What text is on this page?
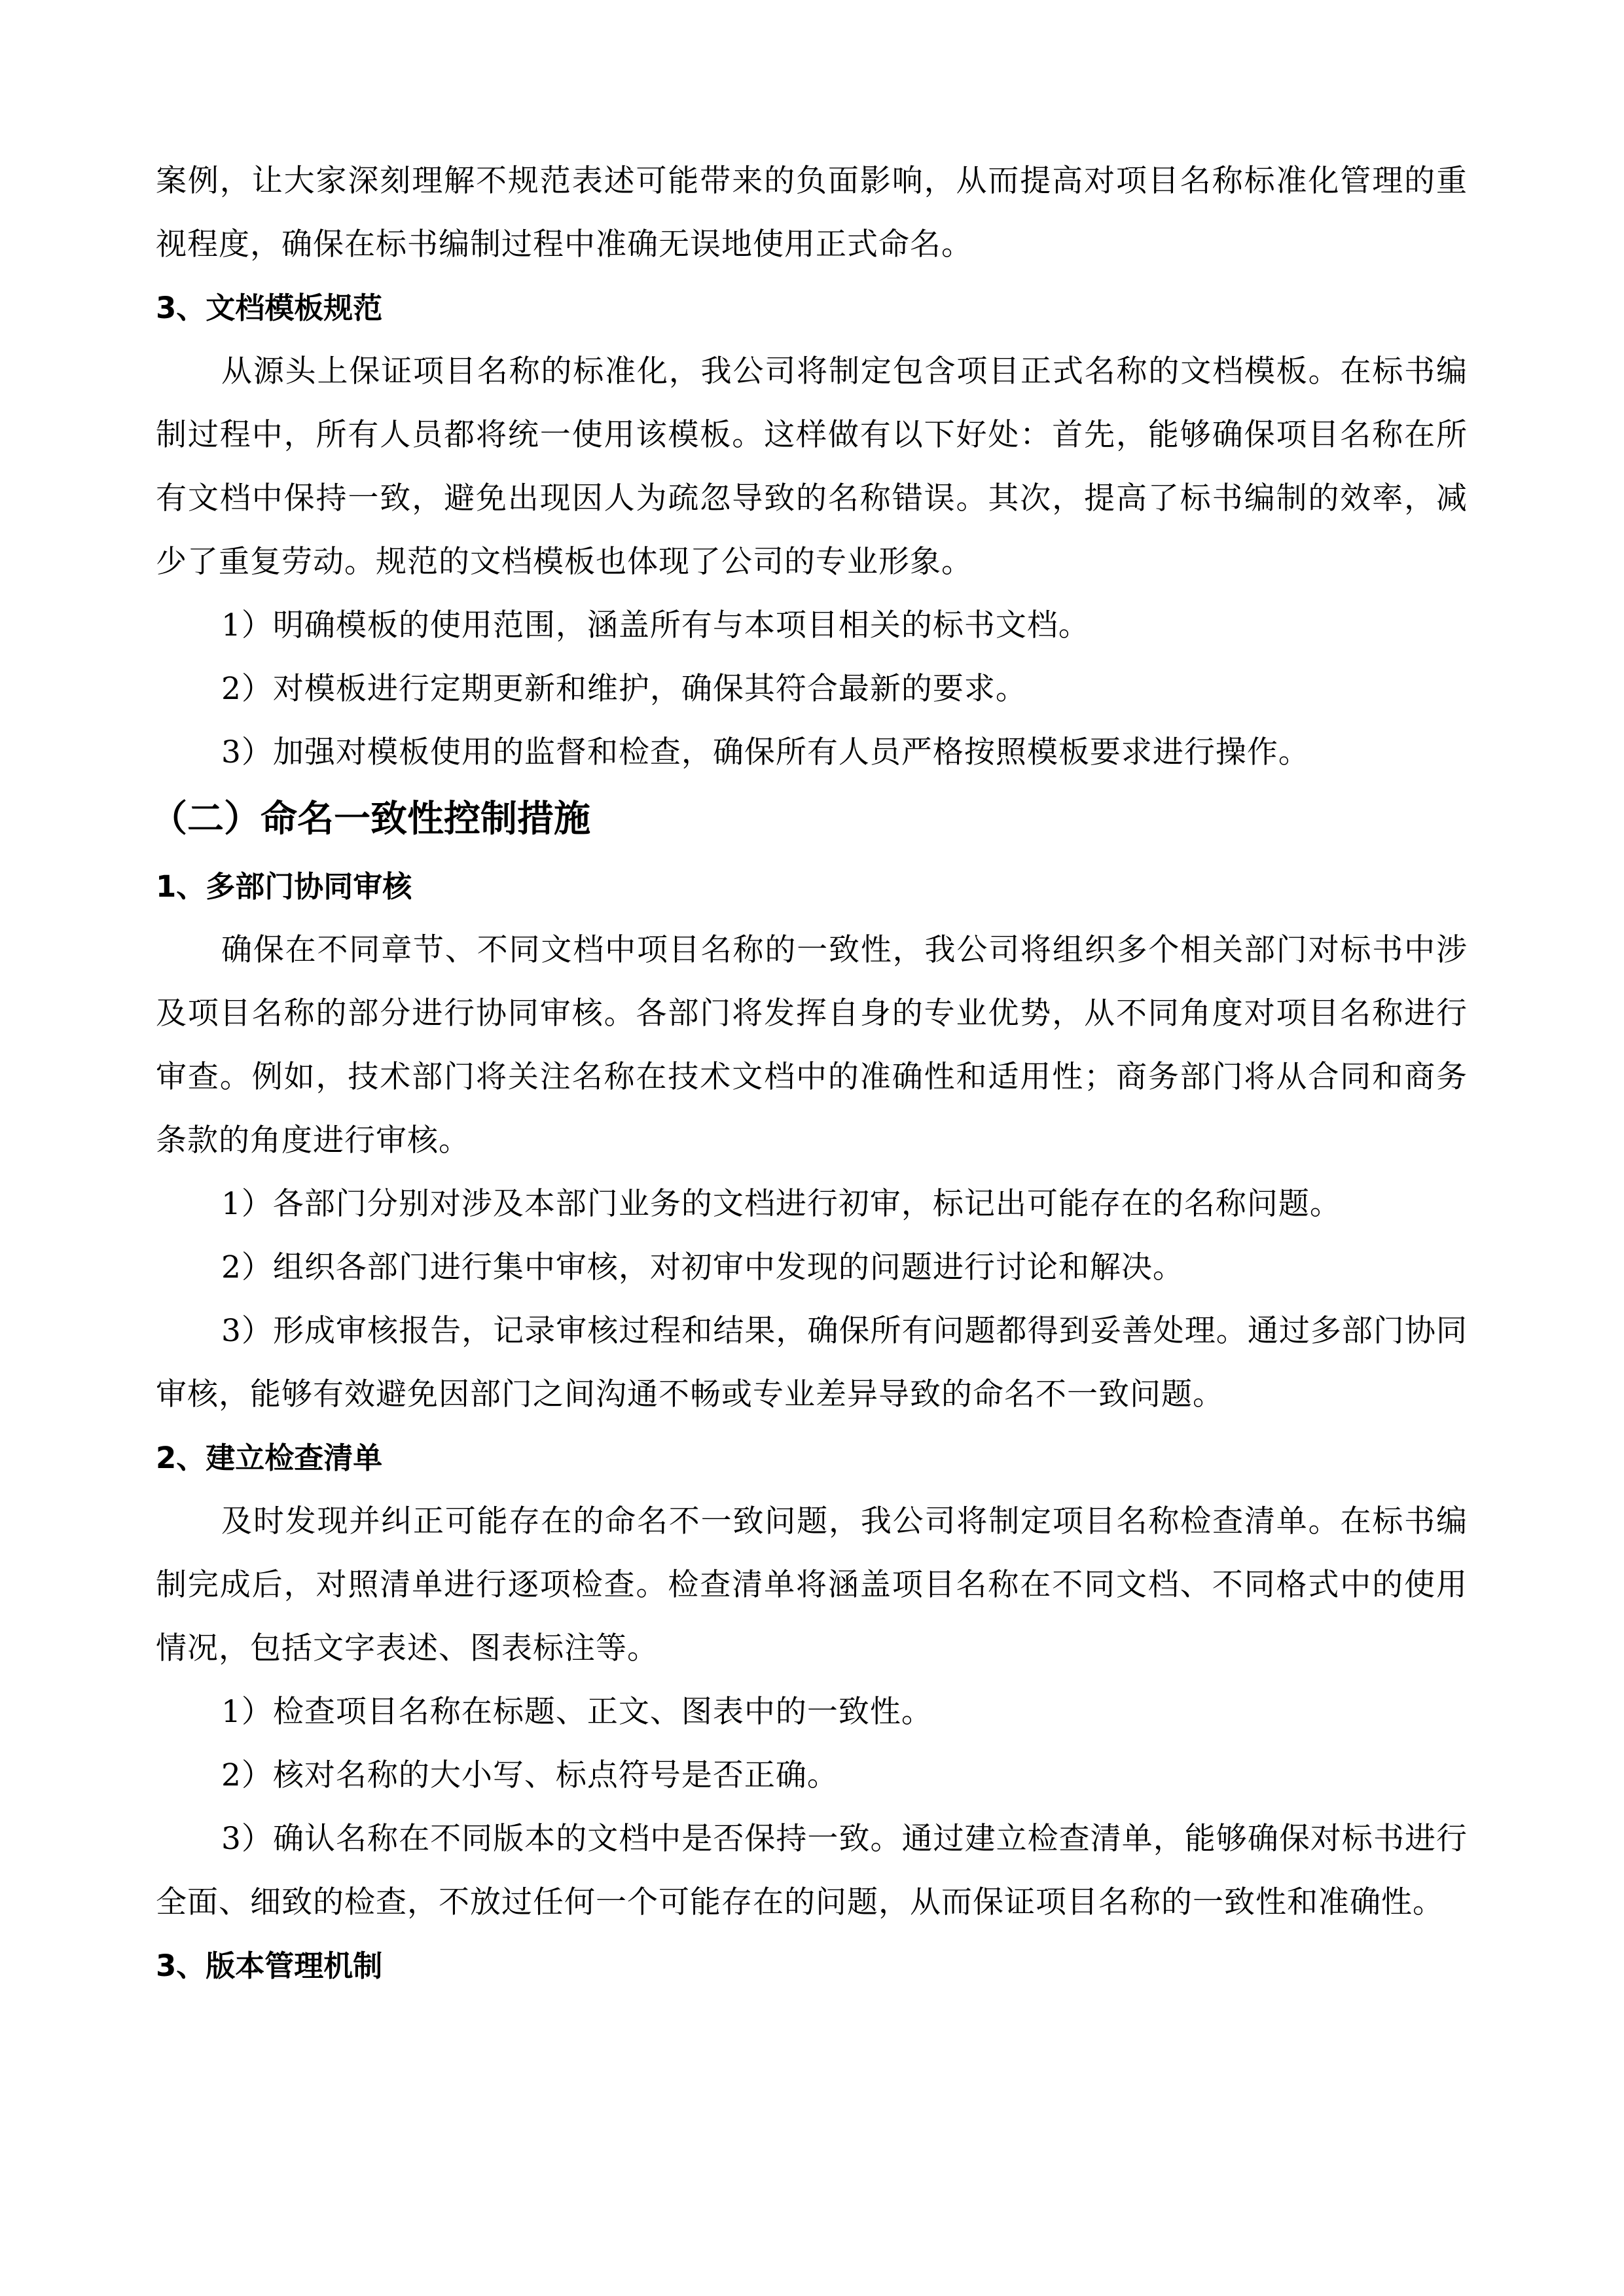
案例，让大家深刻理解不规范表述可能带来的负面影响，从而提高对项目名称标准化管理的重视程度，确保在标书编制过程中准确无误地使用正式命名。

3、文档模板规范

从源头上保证项目名称的标准化，我公司将制定包含项目正式名称的文档模板。在标书编制过程中，所有人员都将统一使用该模板。这样做有以下好处：首先，能够确保项目名称在所有文档中保持一致，避免出现因人为疏忽导致的名称错误。其次，提高了标书编制的效率，减少了重复劳动。规范的文档模板也体现了公司的专业形象。

1）明确模板的使用范围，涵盖所有与本项目相关的标书文档。

2）对模板进行定期更新和维护，确保其符合最新的要求。

3）加强对模板使用的监督和检查，确保所有人员严格按照模板要求进行操作。

（二）命名一致性控制措施
1、多部门协同审核

确保在不同章节、不同文档中项目名称的一致性，我公司将组织多个相关部门对标书中涉及项目名称的部分进行协同审核。各部门将发挥自身的专业优势，从不同角度对项目名称进行审查。例如，技术部门将关注名称在技术文档中的准确性和适用性；商务部门将从合同和商务条款的角度进行审核。

1）各部门分别对涉及本部门业务的文档进行初审，标记出可能存在的名称问题。

2）组织各部门进行集中审核，对初审中发现的问题进行讨论和解决。

3）形成审核报告，记录审核过程和结果，确保所有问题都得到妥善处理。通过多部门协同审核，能够有效避免因部门之间沟通不畅或专业差异导致的命名不一致问题。

2、建立检查清单

及时发现并纠正可能存在的命名不一致问题，我公司将制定项目名称检查清单。在标书编制完成后，对照清单进行逐项检查。检查清单将涵盖项目名称在不同文档、不同格式中的使用情况，包括文字表述、图表标注等。

1）检查项目名称在标题、正文、图表中的一致性。

2）核对名称的大小写、标点符号是否正确。

3）确认名称在不同版本的文档中是否保持一致。通过建立检查清单，能够确保对标书进行全面、细致的检查，不放过任何一个可能存在的问题，从而保证项目名称的一致性和准确性。

3、版本管理机制
